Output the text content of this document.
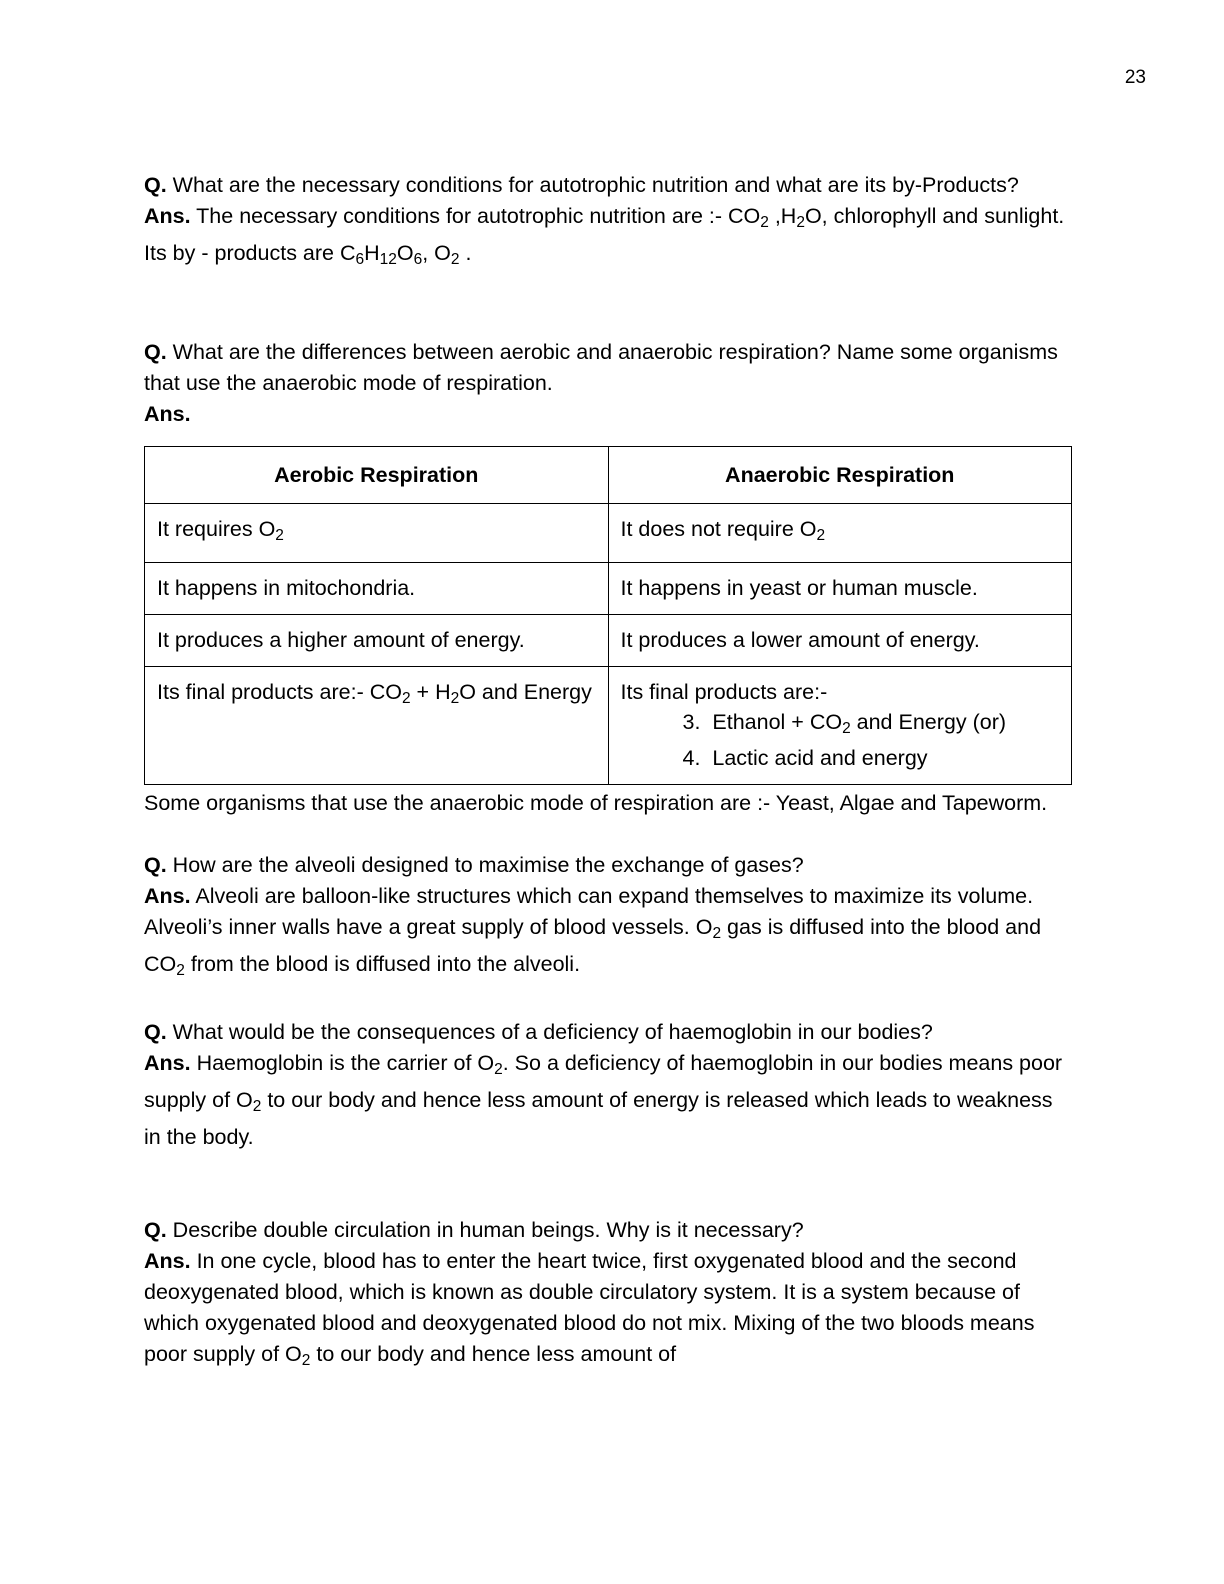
23

Q. What are the necessary conditions for autotrophic nutrition and what are its by-Products?

Ans. The necessary conditions for autotrophic nutrition are :- $CO_2$ $,H_2O$, chlorophyll and sunlight.

Its by - products are $C_6H_{12}O_6$, $O_2$ .

Q. What are the differences between aerobic and anaerobic respiration? Name some organisms that use the anaerobic mode of respiration.

Ans.

Aerobic Respiration	Anaerobic Respiration
It requires $O_2$	It does not require $O_2$
It happens in mitochondria.	It happens in yeast or human muscle.
It produces a higher amount of energy.	It produces a lower amount of energy.
Its final products are:- $CO_2 + H_2O$ and Energy	Its final products are:-
3. Ethanol + $CO_2$ and Energy (or)
4. Lactic acid and energy

Some organisms that use the anaerobic mode of respiration are :- Yeast, Algae and Tapeworm.

Q. How are the alveoli designed to maximise the exchange of gases?

Ans. Alveoli are balloon-like structures which can expand themselves to maximize its volume. Alveoli’s inner walls have a great supply of blood vessels. $O_2$ gas is diffused into the blood and $CO_2$ from the blood is diffused into the alveoli.

Q. What would be the consequences of a deficiency of haemoglobin in our bodies?

Ans. Haemoglobin is the carrier of $O_2$. So a deficiency of haemoglobin in our bodies means poor supply of $O_2$ to our body and hence less amount of energy is released which leads to weakness in the body.

Q. Describe double circulation in human beings. Why is it necessary?

Ans. In one cycle, blood has to enter the heart twice, first oxygenated blood and the second deoxygenated blood, which is known as double circulatory system. It is a system because of which oxygenated blood and deoxygenated blood do not mix. Mixing of the two bloods means poor supply of $O_2$ to our body and hence less amount of
